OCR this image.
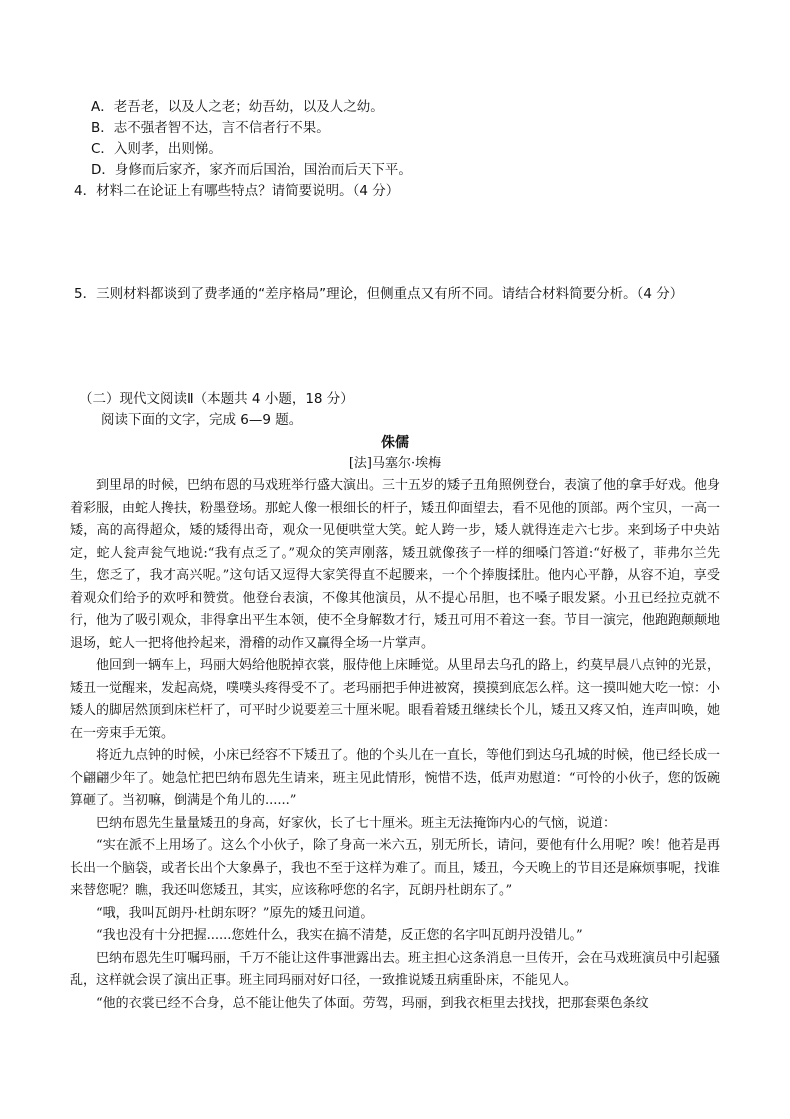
A．老吾老，以及人之老；幼吾幼，以及人之幼。
B．志不强者智不达，言不信者行不果。
C．入则孝，出则悌。
D．身修而后家齐，家齐而后国治，国治而后天下平。
4．材料二在论证上有哪些特点？请简要说明。（4 分）
5．三则材料都谈到了费孝通的“差序格局”理论，但侧重点又有所不同。请结合材料简要分析。（4 分）
（二）现代文阅读Ⅱ（本题共 4 小题，18 分）
阅读下面的文字，完成 6—9 题。
侏儒
[法]马塞尔·埃梅

到里昂的时候，巴纳布恩的马戏班举行盛大演出。三十五岁的矮子丑角照例登台，表演了他的拿手好戏。他身着彩服，由蛇人搀扶，粉墨登场。那蛇人像一根细长的杆子，矮丑仰面望去，看不见他的顶部。两个宝贝，一高一矮，高的高得超众，矮的矮得出奇，观众一见便哄堂大笑。蛇人跨一步，矮人就得连走六七步。来到场子中央站定，蛇人瓮声瓮气地说:“我有点乏了。”观众的笑声刚落，矮丑就像孩子一样的细嗓门答道:“好极了，菲弗尔兰先生，您乏了，我才高兴呢。”这句话又逗得大家笑得直不起腰来，一个个捧腹揉肚。他内心平静，从容不迫，享受着观众们给予的欢呼和赞赏。他登台表演，不像其他演员，从不提心吊胆，也不嗓子眼发紧。小丑已经拉克就不行，他为了吸引观众，非得拿出平生本领，使不全身解数才行，矮丑可用不着这一套。节目一演完，他跑跑颠颠地退场，蛇人一把将他拎起来，滑稽的动作又赢得全场一片掌声。

他回到一辆车上，玛丽大妈给他脱掉衣裳，服侍他上床睡觉。从里昂去乌孔的路上，约莫早晨八点钟的光景，矮丑一觉醒来，发起高烧，噗噗头疼得受不了。老玛丽把手伸进被窝，摸摸到底怎么样。这一摸叫她大吃一惊：小矮人的脚居然顶到床栏杆了，可平时少说要差三十厘米呢。眼看着矮丑继续长个儿，矮丑又疼又怕，连声叫唤，她在一旁束手无策。

将近九点钟的时候，小床已经容不下矮丑了。他的个头儿在一直长，等他们到达乌孔城的时候，他已经长成一个翩翩少年了。她急忙把巴纳布恩先生请来，班主见此情形，惋惜不迭，低声劝慰道：“可怜的小伙子，您的饭碗算砸了。当初嘛，倒满是个角儿的......”

巴纳布恩先生量量矮丑的身高，好家伙，长了七十厘米。班主无法掩饰内心的气恼，说道：

“实在派不上用场了。这么个小伙子，除了身高一米六五，别无所长，请问，要他有什么用呢？唉！他若是再长出一个脑袋，或者长出个大象鼻子，我也不至于这样为难了。而且，矮丑，今天晚上的节目还是麻烦事呢，找谁来替您呢？瞧，我还叫您矮丑，其实，应该称呼您的名字，瓦朗丹杜朗东了。”

“哦，我叫瓦朗丹·杜朗东呀？”原先的矮丑问道。

“我也没有十分把握......您姓什么，我实在搞不清楚，反正您的名字叫瓦朗丹没错儿。”

巴纳布恩先生叮嘱玛丽，千万不能让这件事泄露出去。班主担心这条消息一旦传开，会在马戏班演员中引起骚乱，这样就会误了演出正事。班主同玛丽对好口径，一致推说矮丑病重卧床，不能见人。

“他的衣裳已经不合身，总不能让他失了体面。劳驾，玛丽，到我衣柜里去找找，把那套栗色条纹
